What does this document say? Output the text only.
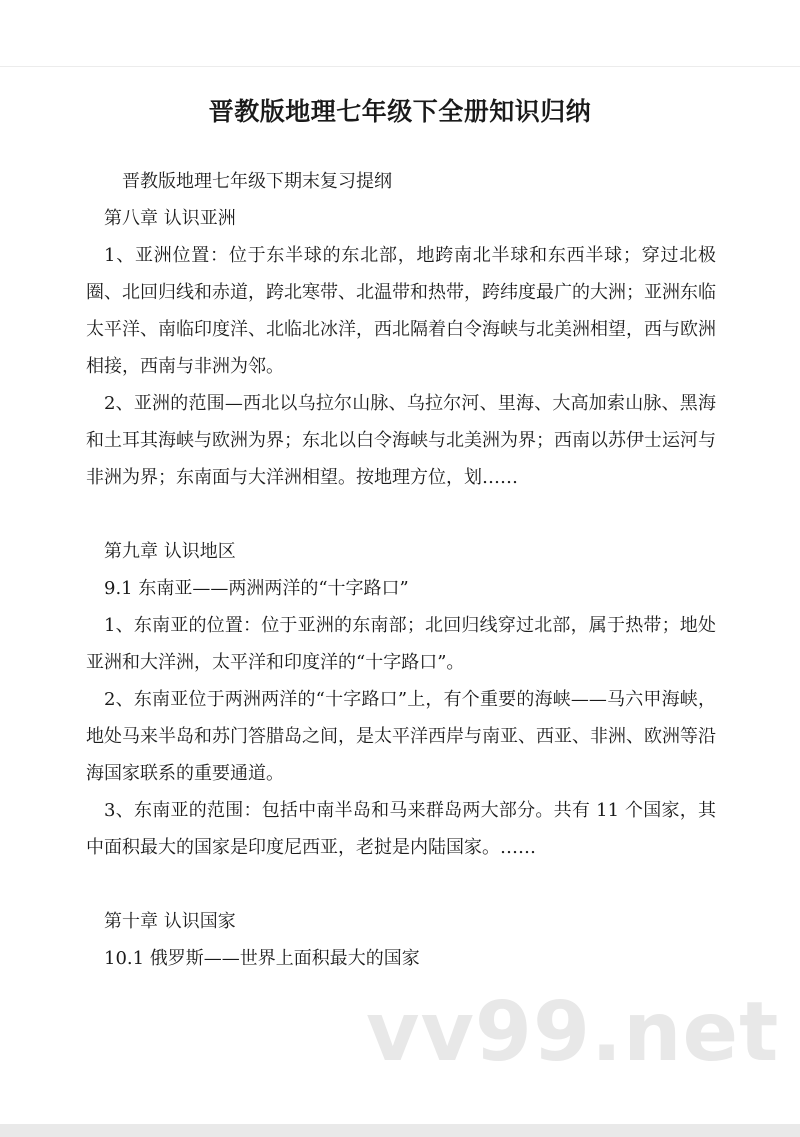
晋教版地理七年级下全册知识归纳

晋教版地理七年级下期末复习提纲

第八章 认识亚洲

1、亚洲位置：位于东半球的东北部，地跨南北半球和东西半球；穿过北极圈、北回归线和赤道，跨北寒带、北温带和热带，跨纬度最广的大洲；亚洲东临太平洋、南临印度洋、北临北冰洋，西北隔着白令海峡与北美洲相望，西与欧洲相接，西南与非洲为邻。

2、亚洲的范围—西北以乌拉尔山脉、乌拉尔河、里海、大高加索山脉、黑海和土耳其海峡与欧洲为界；东北以白令海峡与北美洲为界；西南以苏伊士运河与非洲为界；东南面与大洋洲相望。按地理方位，划……

第九章 认识地区

9.1 东南亚——两洲两洋的“十字路口”

1、东南亚的位置：位于亚洲的东南部；北回归线穿过北部，属于热带；地处亚洲和大洋洲，太平洋和印度洋的“十字路口”。

2、东南亚位于两洲两洋的“十字路口”上，有个重要的海峡——马六甲海峡，地处马来半岛和苏门答腊岛之间，是太平洋西岸与南亚、西亚、非洲、欧洲等沿海国家联系的重要通道。

3、东南亚的范围：包括中南半岛和马来群岛两大部分。共有 11 个国家，其中面积最大的国家是印度尼西亚，老挝是内陆国家。……

第十章 认识国家

10.1 俄罗斯——世界上面积最大的国家

vv99.net
